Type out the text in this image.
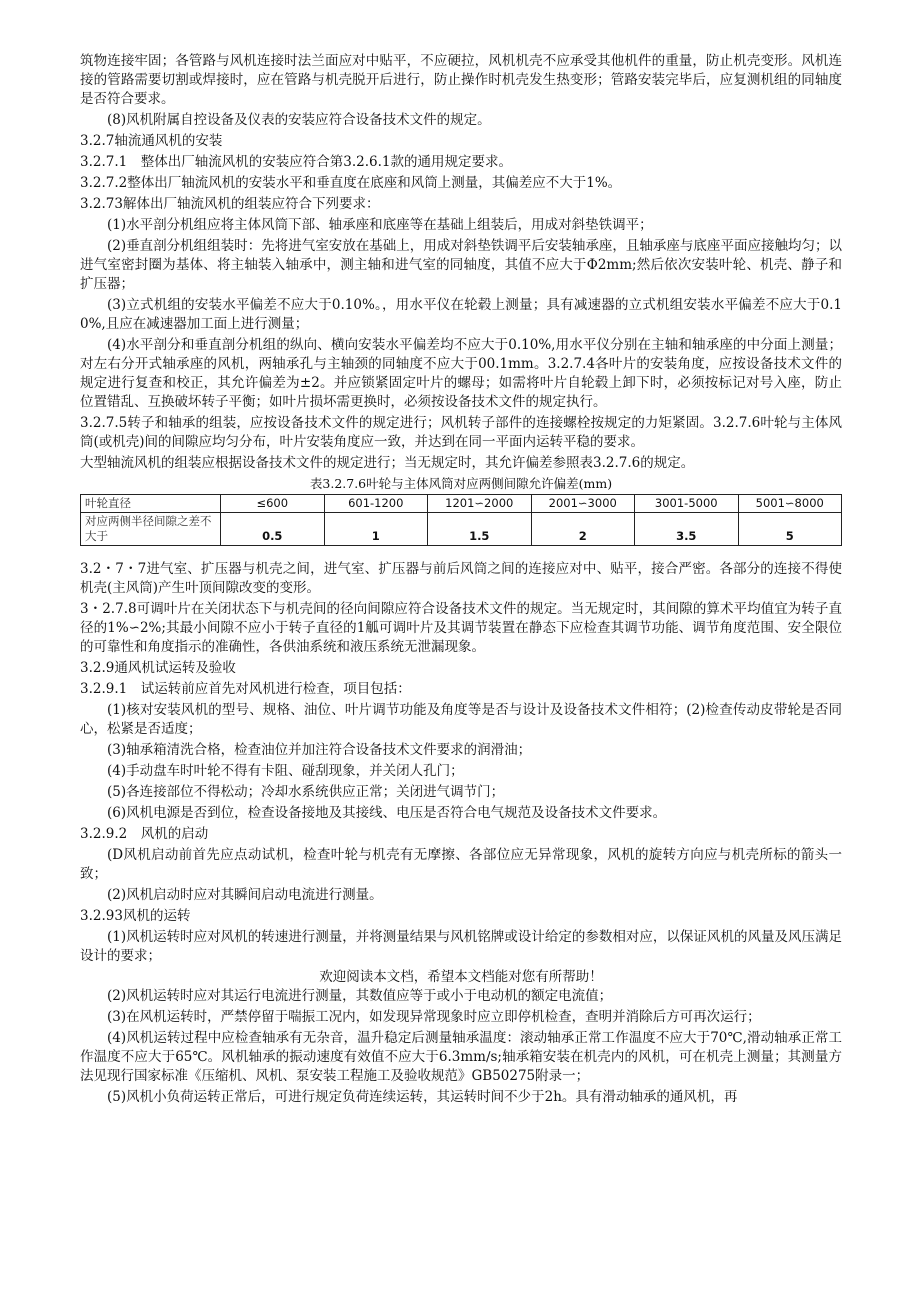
筑物连接牢固；各管路与风机连接时法兰面应对中贴平，不应硬拉，风机机壳不应承受其他机件的重量，防止机壳变形。风机连接的管路需要切割或焊接时，应在管路与机壳脱开后进行，防止操作时机壳发生热变形；管路安装完毕后，应复测机组的同轴度是否符合要求。

(8)风机附属自控设备及仪表的安装应符合设备技术文件的规定。

3.2.7轴流通风机的安装

3.2.7.1　整体出厂轴流风机的安装应符合第3.2.6.1款的通用规定要求。

3.2.7.2整体出厂轴流风机的安装水平和垂直度在底座和风筒上测量，其偏差应不大于1%。

3.2.73解体出厂轴流风机的组装应符合下列要求：

(1)水平剖分机组应将主体风筒下部、轴承座和底座等在基础上组装后，用成对斜垫铁调平；

(2)垂直剖分机组组装时：先将进气室安放在基础上，用成对斜垫铁调平后安装轴承座，且轴承座与底座平面应接触均匀；以进气室密封圈为基体、将主轴装入轴承中，测主轴和进气室的同轴度，其值不应大于Φ2mm;然后依次安装叶轮、机壳、静子和扩压器；

(3)立式机组的安装水平偏差不应大于0.10%。，用水平仪在轮毂上测量；具有减速器的立式机组安装水平偏差不应大于0.10%,且应在减速器加工面上进行测量；

(4)水平剖分和垂直剖分机组的纵向、横向安装水平偏差均不应大于0.10%,用水平仪分别在主轴和轴承座的中分面上测量；对左右分开式轴承座的风机，两轴承孔与主轴颈的同轴度不应大于00.1mm。3.2.7.4各叶片的安装角度，应按设备技术文件的规定进行复查和校正，其允许偏差为±2。并应锁紧固定叶片的螺母；如需将叶片自轮毂上卸下时，必须按标记对号入座，防止位置错乱、互换破坏转子平衡；如叶片损坏需更换时，必须按设备技术文件的规定执行。

3.2.7.5转子和轴承的组装，应按设备技术文件的规定进行；风机转子部件的连接螺栓按规定的力矩紧固。3.2.7.6叶轮与主体风筒(或机壳)间的间隙应均匀分布，叶片安装角度应一致，并达到在同一平面内运转平稳的要求。

大型轴流风机的组装应根据设备技术文件的规定进行；当无规定时，其允许偏差参照表3.2.7.6的规定。

表3.2.7.6叶轮与主体风筒对应两侧间隙允许偏差(mm)
叶轮直径	≤600	601-1200	1201∽2000	2001∽3000	3001-5000	5001∽8000
对应两侧半径间隙之差不大于	0.5	1	1.5	2	3.5	5

3.2・7・7进气室、扩压器与机壳之间，进气室、扩压器与前后风筒之间的连接应对中、贴平，接合严密。各部分的连接不得使机壳(主风筒)产生叶顶间隙改变的变形。

3・2.7.8可调叶片在关闭状态下与机壳间的径向间隙应符合设备技术文件的规定。当无规定时，其间隙的算术平均值宜为转子直径的1%∽2%;其最小间隙不应小于转子直径的1觚可调叶片及其调节装置在静态下应检查其调节功能、调节角度范围、安全限位的可靠性和角度指示的准确性，各供油系统和液压系统无泄漏现象。

3.2.9通风机试运转及验收

3.2.9.1　试运转前应首先对风机进行检查，项目包括：

(1)核对安装风机的型号、规格、油位、叶片调节功能及角度等是否与设计及设备技术文件相符；(2)检查传动皮带轮是否同心，松紧是否适度；

(3)轴承箱清洗合格，检查油位并加注符合设备技术文件要求的润滑油；

(4)手动盘车时叶轮不得有卡阻、碰刮现象，并关闭人孔门；

(5)各连接部位不得松动；冷却水系统供应正常；关闭进气调节门；

(6)风机电源是否到位，检查设备接地及其接线、电压是否符合电气规范及设备技术文件要求。

3.2.9.2　风机的启动

(D风机启动前首先应点动试机，检查叶轮与机壳有无摩擦、各部位应无异常现象，风机的旋转方向应与机壳所标的箭头一致；

(2)风机启动时应对其瞬间启动电流进行测量。

3.2.93风机的运转

(1)风机运转时应对风机的转速进行测量，并将测量结果与风机铭牌或设计给定的参数相对应，以保证风机的风量及风压满足设计的要求；

欢迎阅读本文档，希望本文档能对您有所帮助！

(2)风机运转时应对其运行电流进行测量，其数值应等于或小于电动机的额定电流值；

(3)在风机运转时，严禁停留于喘振工况内，如发现异常现象时应立即停机检查，查明并消除后方可再次运行；

(4)风机运转过程中应检查轴承有无杂音，温升稳定后测量轴承温度：滚动轴承正常工作温度不应大于70℃,滑动轴承正常工作温度不应大于65℃。风机轴承的振动速度有效值不应大于6.3mm∕s;轴承箱安装在机壳内的风机，可在机壳上测量；其测量方法见现行国家标准《压缩机、风机、泵安装工程施工及验收规范》GB50275附录一；

(5)风机小负荷运转正常后，可进行规定负荷连续运转，其运转时间不少于2h。具有滑动轴承的通风机，再
